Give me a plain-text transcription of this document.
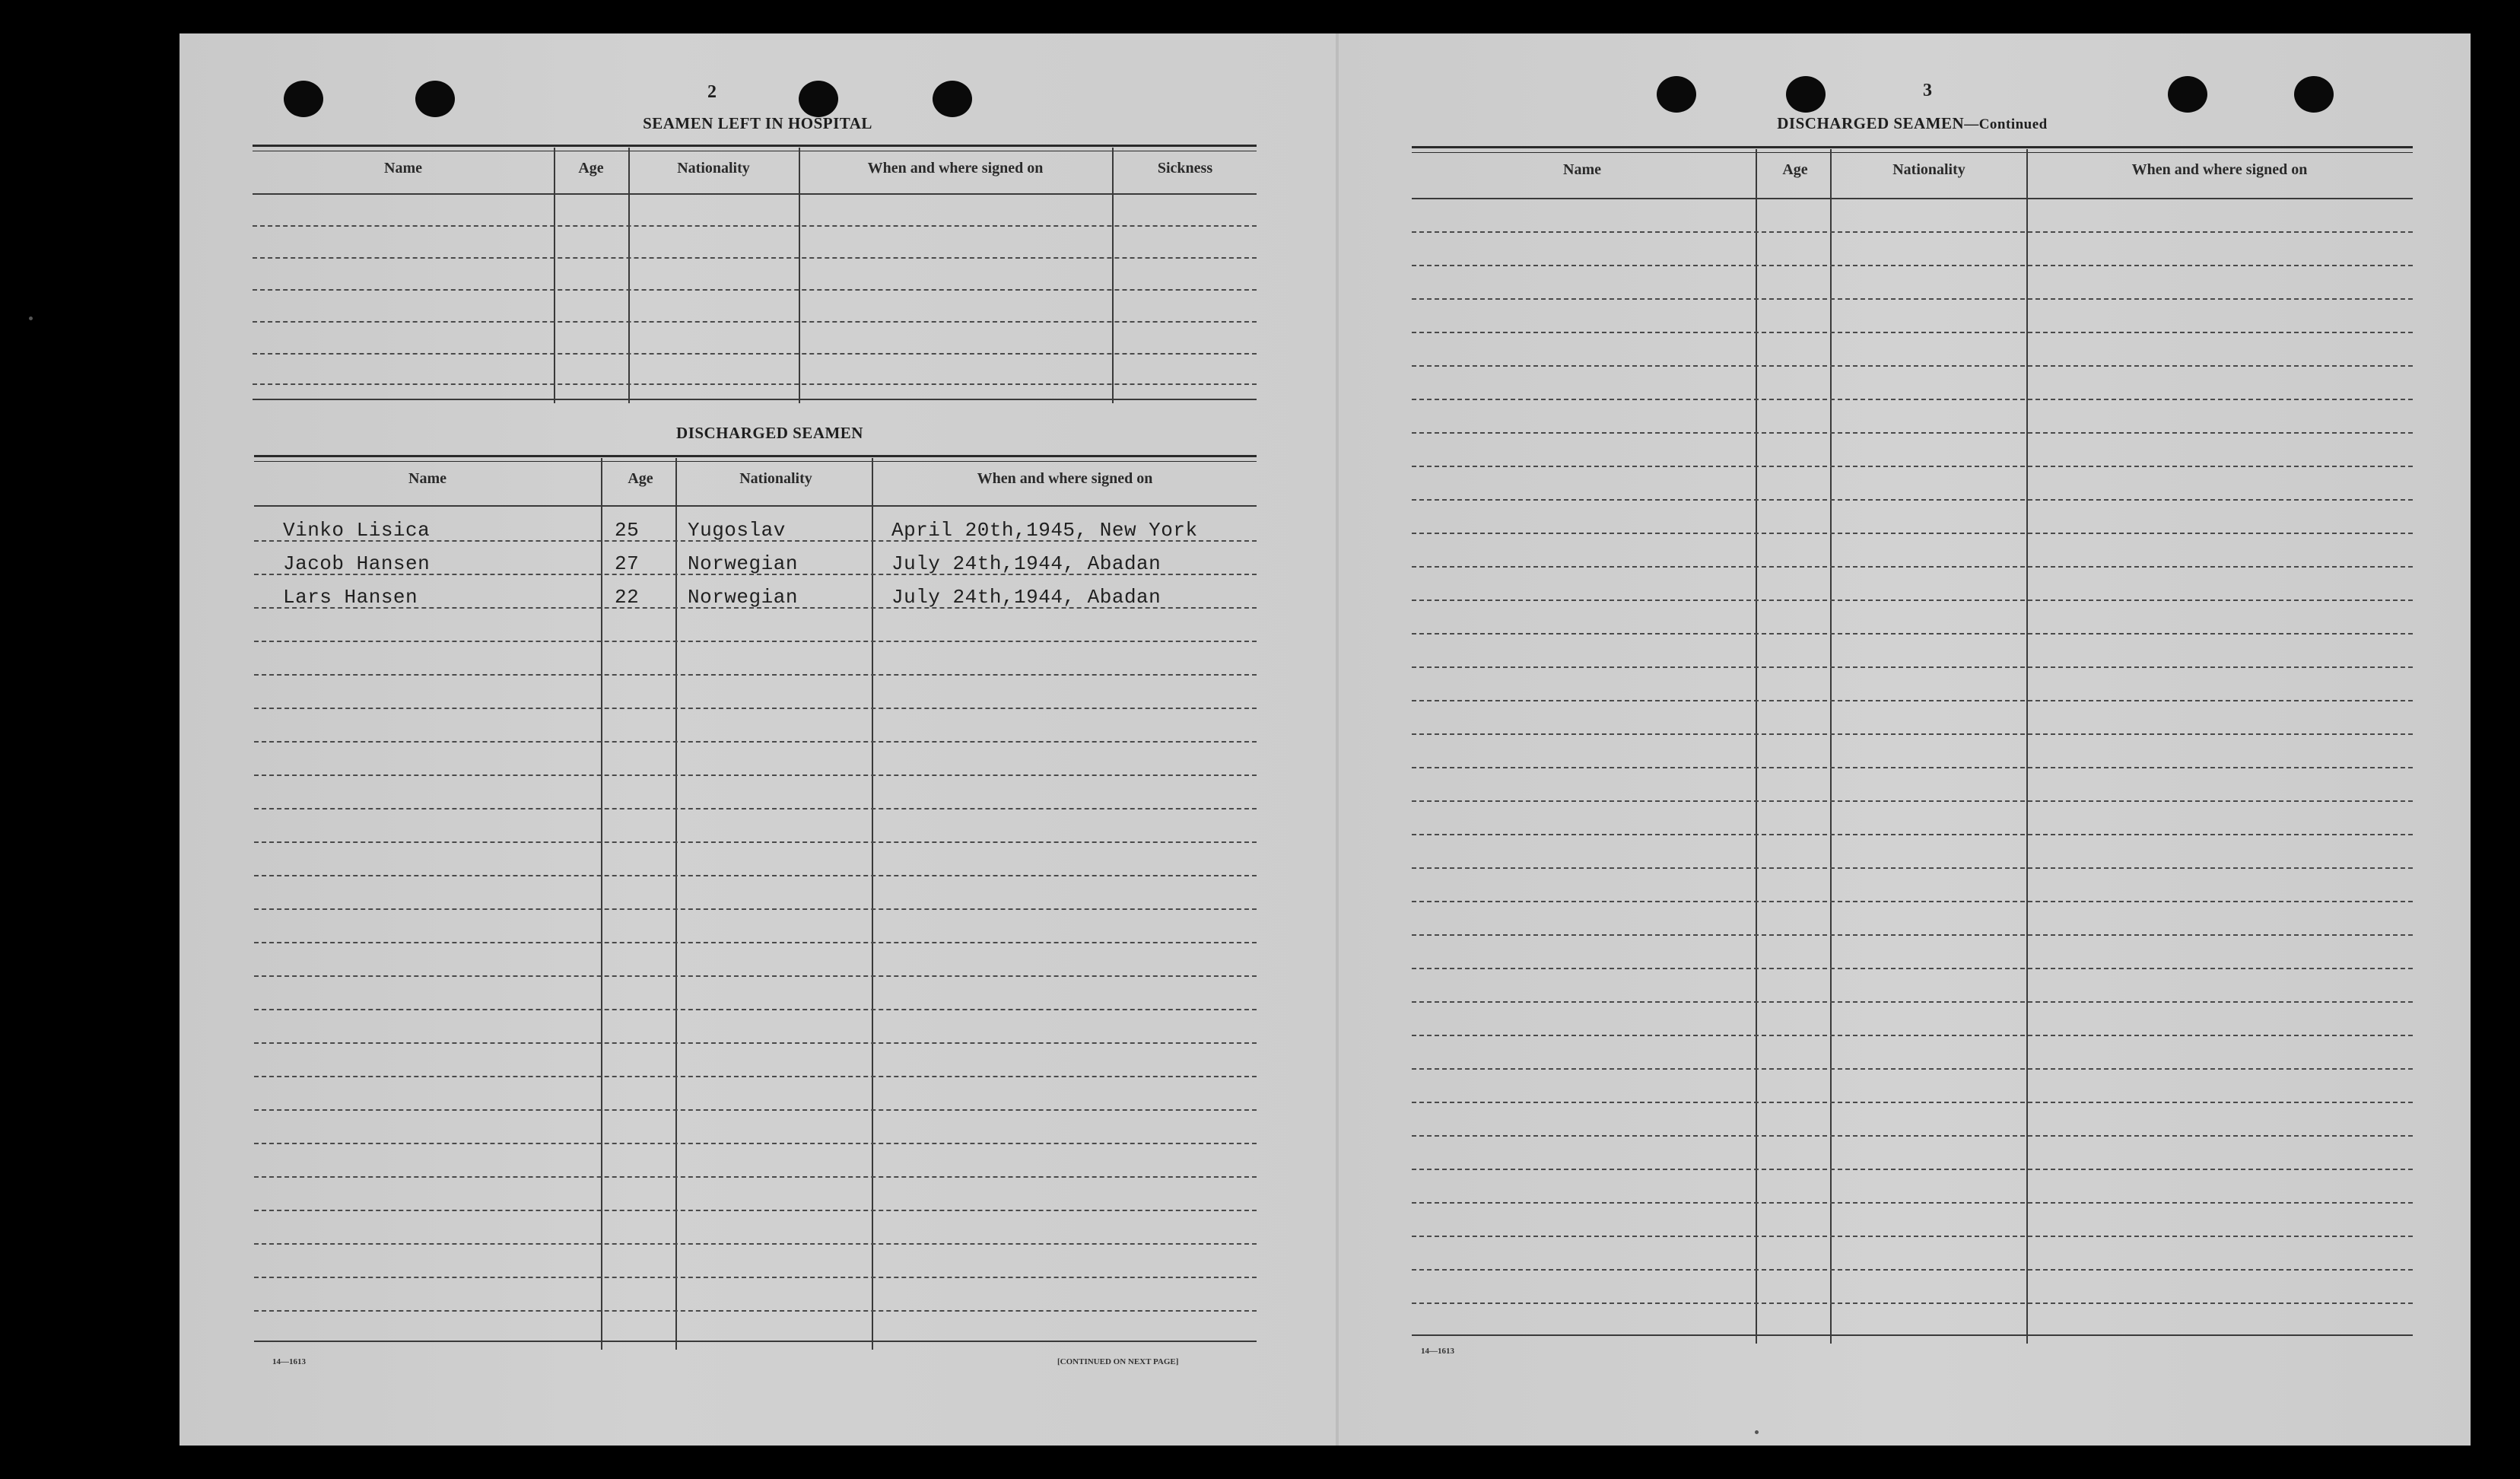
2
SEAMEN LEFT IN HOSPITAL
Name	Age	Nationality	When and where signed on	Sickness
DISCHARGED SEAMEN
Name	Age	Nationality	When and where signed on
Vinko Lisica	25 Yugoslav	April 20th,1945, New York
Jacob Hansen	27 Norwegian	July 24th,1944, Abadan
Lars Hansen	22 Norwegian	July 24th,1944, Abadan
14—1613	[CONTINUED ON NEXT PAGE]
3
DISCHARGED SEAMEN—Continued
Name	Age	Nationality	When and where signed on
14—1613
